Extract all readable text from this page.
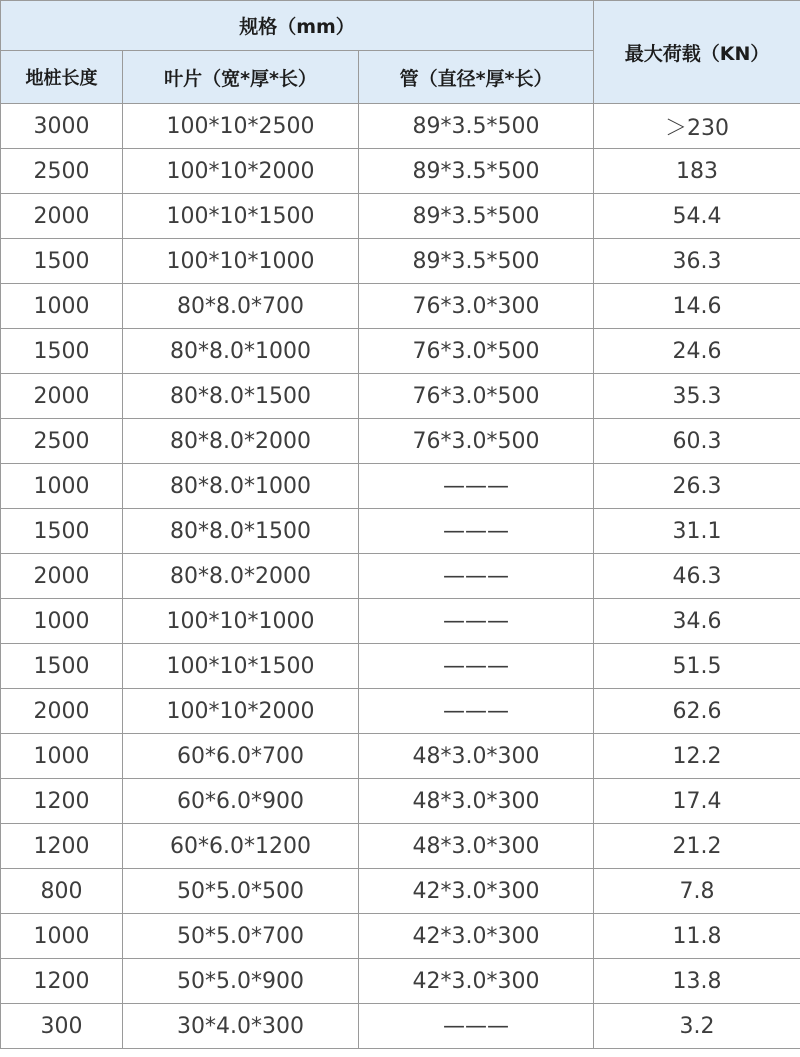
规格（mm）			最大荷载（KN）
地桩长度	叶片（宽*厚*长）	管（直径*厚*长）	
3000	100*10*2500	89*3.5*500	＞230
2500	100*10*2000	89*3.5*500	183
2000	100*10*1500	89*3.5*500	54.4
1500	100*10*1000	89*3.5*500	36.3
1000	80*8.0*700	76*3.0*300	14.6
1500	80*8.0*1000	76*3.0*500	24.6
2000	80*8.0*1500	76*3.0*500	35.3
2500	80*8.0*2000	76*3.0*500	60.3
1000	80*8.0*1000	———	26.3
1500	80*8.0*1500	———	31.1
2000	80*8.0*2000	———	46.3
1000	100*10*1000	———	34.6
1500	100*10*1500	———	51.5
2000	100*10*2000	———	62.6
1000	60*6.0*700	48*3.0*300	12.2
1200	60*6.0*900	48*3.0*300	17.4
1200	60*6.0*1200	48*3.0*300	21.2
800	50*5.0*500	42*3.0*300	7.8
1000	50*5.0*700	42*3.0*300	11.8
1200	50*5.0*900	42*3.0*300	13.8
300	30*4.0*300	———	3.2
